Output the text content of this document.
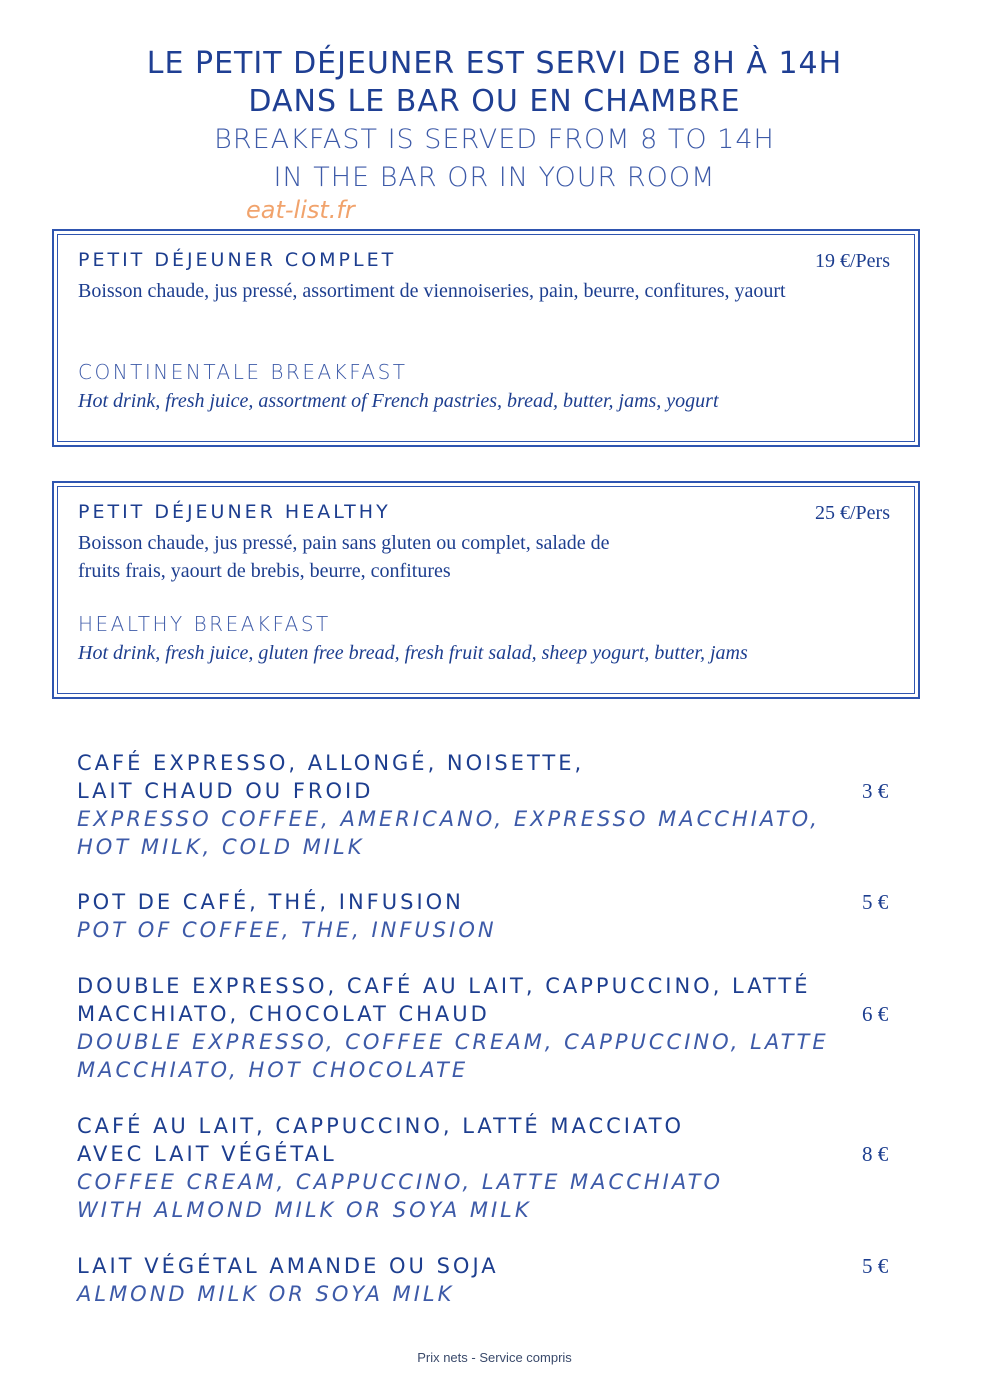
LE PETIT DÉJEUNER EST SERVI DE 8H À 14H
DANS LE BAR OU EN CHAMBRE
BREAKFAST IS SERVED FROM 8 TO 14H
IN THE BAR OR IN YOUR ROOM
eat-list.fr
PETIT DÉJEUNER COMPLET	19 €/Pers
Boisson chaude, jus pressé, assortiment de viennoiseries, pain, beurre, confitures, yaourt
CONTINENTALE BREAKFAST
Hot drink, fresh juice, assortment of French pastries, bread, butter, jams, yogurt
PETIT DÉJEUNER HEALTHY	25 €/Pers
Boisson chaude, jus pressé, pain sans gluten ou complet, salade de fruits frais, yaourt de brebis, beurre, confitures
HEALTHY BREAKFAST
Hot drink, fresh juice, gluten free bread, fresh fruit salad, sheep yogurt, butter, jams
CAFÉ EXPRESSO, ALLONGÉ, NOISETTE,
LAIT CHAUD OU FROID
EXPRESSO COFFEE, AMERICANO, EXPRESSO MACCHIATO,
HOT MILK, COLD MILK
3 €
POT DE CAFÉ, THÉ, INFUSION
POT OF COFFEE, THE, INFUSION
5 €
DOUBLE EXPRESSO, CAFÉ AU LAIT, CAPPUCCINO, LATTÉ
MACCHIATO, CHOCOLAT CHAUD
DOUBLE EXPRESSO, COFFEE CREAM, CAPPUCCINO, LATTE
MACCHIATO, HOT CHOCOLATE
6 €
CAFÉ AU LAIT, CAPPUCCINO, LATTÉ MACCIATO
AVEC LAIT VÉGÉTAL
COFFEE CREAM, CAPPUCCINO, LATTE MACCHIATO
WITH ALMOND MILK OR SOYA MILK
8 €
LAIT VÉGÉTAL AMANDE OU SOJA
ALMOND MILK OR SOYA MILK
5 €
Prix nets - Service compris
